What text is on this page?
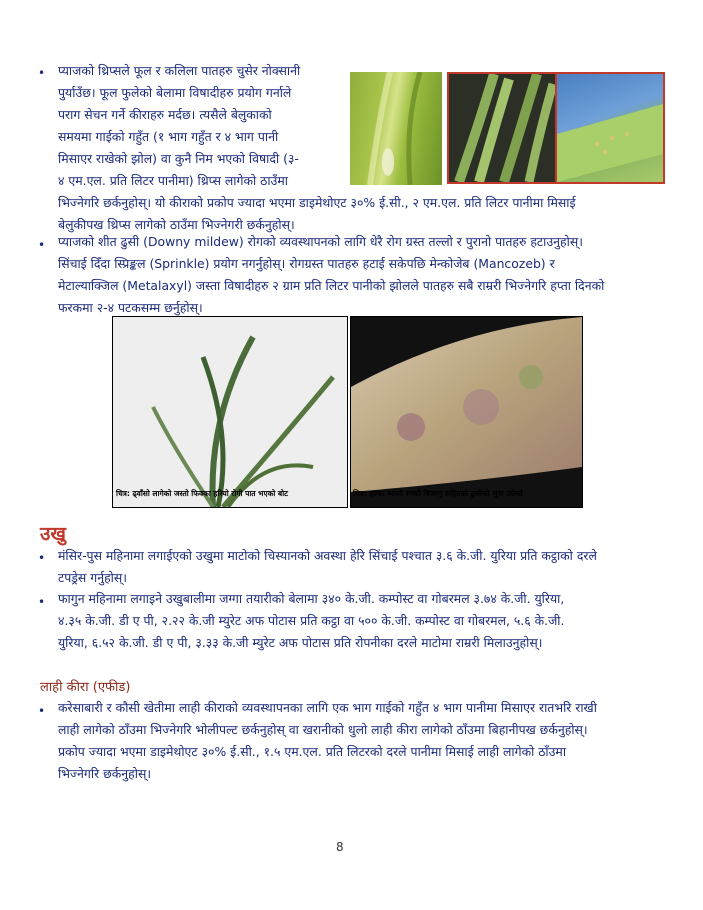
• प्याजको थ्रिप्सले फूल र कलिला पातहरु चुसेर नोक्सानी
पुर्याउँछ। फूल फुलेको बेलामा विषादीहरु प्रयोग गर्नाले
पराग सेचन गर्ने कीराहरु मर्दछ। त्यसैले बेलुकाको
समयमा गाईको गहुँत (१ भाग गहुँत र ४ भाग पानी
मिसाएर राखेको झोल) वा कुनै निम भएको विषादी (३-
४ एम.एल. प्रति लिटर पानीमा) थ्रिप्स लागेको ठाउँमा
भिज्नेगरि छर्कनुहोस्। यो कीराको प्रकोप ज्यादा भएमा डाइमेथोएट ३०% ई.सी., २ एम.एल. प्रति लिटर पानीमा मिसाई
बेलुकीपख थ्रिप्स लागेको ठाउँमा भिज्नेगरी छर्कनुहोस्।
• प्याजको शीत ढुसी (Downy mildew) रोगको व्यवस्थापनको लागि धेरै रोग ग्रस्त तल्लो र पुरानो पातहरु हटाउनुहोस्।
सिंचाई दिँदा स्प्रिङ्कल (Sprinkle) प्रयोग नगर्नुहोस्। रोगग्रस्त पातहरु हटाई सकेपछि मेन्कोजेब (Mancozeb) र
मेटाल्याक्जिल (Metalaxyl) जस्ता विषादीहरु २ ग्राम प्रति लिटर पानीको झोलले पातहरु सबै राम्ररी भिज्नेगरि हप्ता दिनको
फरकमा २-४ पटकसम्म छर्नुहोस्।
चित्र: ढ्वाँसो लागेको जस्तो फिक्का हरियो रोगी पात भएको बोट	चित्र: हल्का प्याजी रंगको बिजाणु सहितको ढुसीको भुवा उम्रेको
उखु
• मंसिर-पुस महिनामा लगाईएको उखुमा माटोको चिस्यानको अवस्था हेरि सिंचाई पश्चात ३.६ के.जी. युरिया प्रति कट्ठाको दरले
टपड्रेस गर्नुहोस्।
• फागुन महिनामा लगाइने उखुबालीमा जग्गा तयारीको बेलामा ३४० के.जी. कम्पोस्ट वा गोबरमल ३.७४ के.जी. युरिया,
४.३५ के.जी. डी ए पी, २.२२ के.जी म्युरेट अफ पोटास प्रति कट्ठा वा ५०० के.जी. कम्पोस्ट वा गोबरमल, ५.६ के.जी.
युरिया, ६.५२ के.जी. डी ए पी, ३.३३ के.जी म्युरेट अफ पोटास प्रति रोपनीका दरले माटोमा राम्ररी मिलाउनुहोस्।
लाही कीरा (एफीड)
• करेसाबारी र कौसी खेतीमा लाही कीराको व्यवस्थापनका लागि एक भाग गाईको गहुँत ४ भाग पानीमा मिसाएर रातभरि राखी
लाही लागेको ठाँउमा भिज्नेगरि भोलीपल्ट छर्कनुहोस् वा खरानीको धुलो लाही कीरा लागेको ठाँउमा बिहानीपख छर्कनुहोस्।
प्रकोप ज्यादा भएमा डाइमेथोएट ३०% ई.सी., १.५ एम.एल. प्रति लिटरको दरले पानीमा मिसाई लाही लागेको ठाँउमा
भिज्नेगरि छर्कनुहोस्।
8
